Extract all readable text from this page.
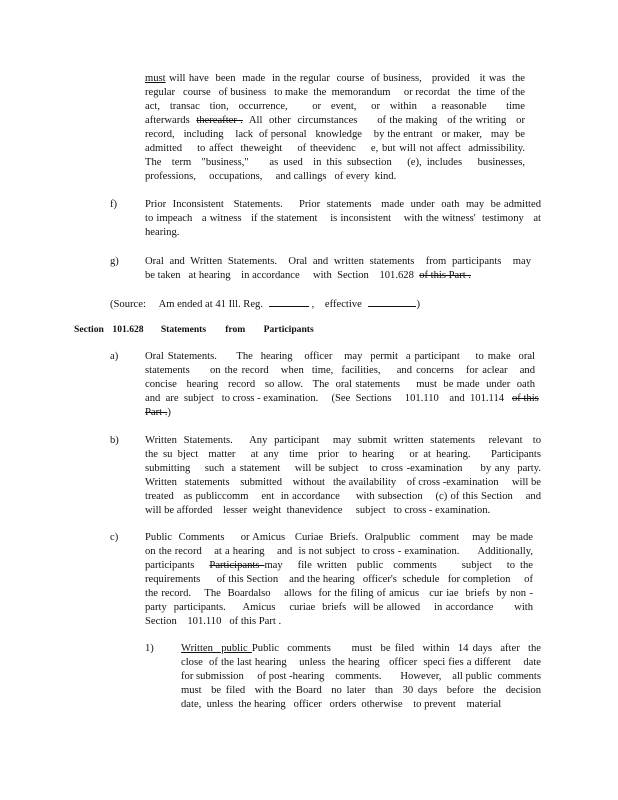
must will have  been  made  in the regular  course  of business,   provided   it was  the
regular   course   of business   to make  the  memorandum     or recordat   the  time  of the
act,  transac  tion,  occurrence,     or  event,   or  within   a reasonable    time
afterwards  thereafter .  All  other  circumstances      of the making   of the writing   or
record,   including    lack  of personal   knowledge    by the entrant   or maker,   may  be
admitted    to affect  theweight    of theevidenc    e, but will not affect  admissibility.
The  term  "business,"    as used  in this subsection   (e), includes   businesses,
professions,     occupations,     and callings   of every  kind.
f)	Prior  Inconsistent   Statements.     Prior  statements   made  under  oath  may  be admitted
to impeach   a witness   if the statement    is inconsistent    with the witness'  testimony   at
hearing.
g) Oral  and  Written  Statements.    Oral  and  written  statements    from  participants    may
be taken   at hearing    in accordance     with  Section    101.628  of this Part .
(Source: Am ended at 41 Ill. Reg.	,    effective	)
Section 101.628 Statements from Participants
a)	Oral Statements.     The  hearing   officer   may  permit  a participant    to make  oral
statements     on the record   when  time,  facilities,    and concerns   for aclear   and
concise   hearing   record   so allow.   The  oral statements     must  be made  under  oath
and  are  subject   to cross - examination.     (See  Sections     101.110    and  101.114   of this
Part .)
b) Written  Statements.     Any  participant    may  submit  written  statements    relevant   to
the su bject  matter   at any  time  prior  to hearing   or at hearing.    Participants
submitting    such  a statement    will be subject   to cross -examination     by any  party.
Written   statements    submitted    without   the availability    of cross -examination     will be
treated   as publiccomm    ent  in accordance     with subsection    (c) of this Section    and
will be afforded    lesser  weight  thanevidence     subject   to cross - examination.
c)	Public  Comments     or Amicus   Curiae  Briefs.  Oralpublic   comment    may  be made
on the record    at a hearing    and  is not subject  to cross - examination.      Additionally,
participants   Participants may   file written  public  comments     subject   to the
requirements      of this Section    and the hearing   officer's  schedule   for completion     of
the record.    The  Boardalso    allows  for the filing of amicus   cur iae  briefs  by non -
party  participants.     Amicus    curiae  briefs  will be allowed    in accordance      with
Section    101.110   of this Part .
1)	Written  public Public  comments     must  be filed  within  14 days  after  the
close  of the last hearing    unless  the hearing   officer  speci fies a different    date
for submission     of post -hearing    comments.       However,    all public  comments
must  be filed  with the Board  no later  than  30 days  before  the  decision
date,  unless  the hearing   officer   orders  otherwise    to prevent    material
